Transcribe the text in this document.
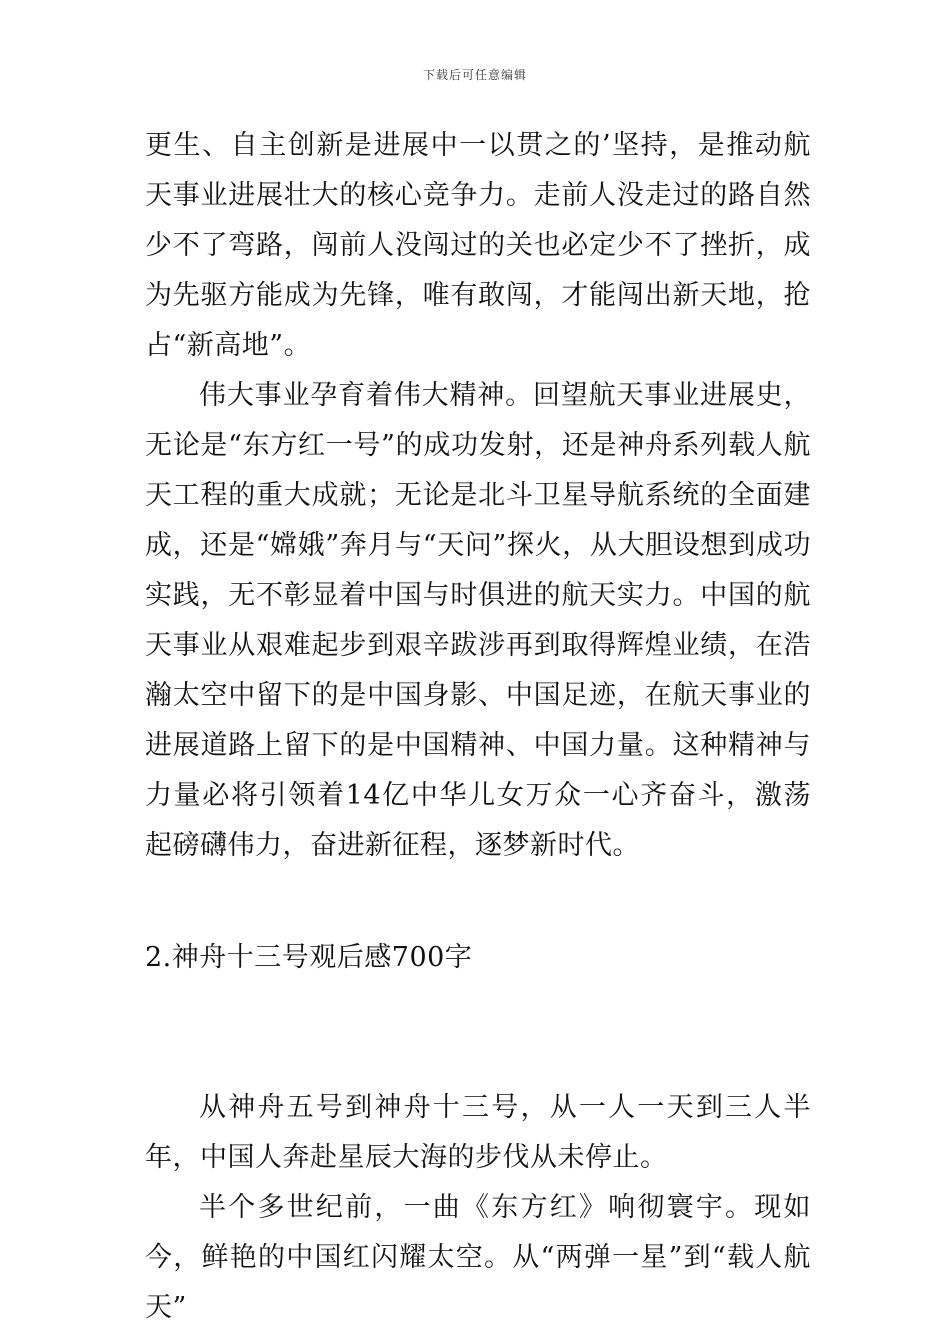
下载后可任意编辑

更生、自主创新是进展中一以贯之的’坚持，是推动航天事业进展壮大的核心竞争力。走前人没走过的路自然少不了弯路，闯前人没闯过的关也必定少不了挫折，成为先驱方能成为先锋，唯有敢闯，才能闯出新天地，抢占“新高地”。

伟大事业孕育着伟大精神。回望航天事业进展史，无论是“东方红一号”的成功发射，还是神舟系列载人航天工程的重大成就；无论是北斗卫星导航系统的全面建成，还是“嫦娥”奔月与“天问”探火，从大胆设想到成功实践，无不彰显着中国与时俱进的航天实力。中国的航天事业从艰难起步到艰辛跋涉再到取得辉煌业绩，在浩瀚太空中留下的是中国身影、中国足迹，在航天事业的进展道路上留下的是中国精神、中国力量。这种精神与力量必将引领着14亿中华儿女万众一心齐奋斗，激荡起磅礴伟力，奋进新征程，逐梦新时代。

2.神舟十三号观后感700字

从神舟五号到神舟十三号，从一人一天到三人半年，中国人奔赴星辰大海的步伐从未停止。

半个多世纪前，一曲《东方红》响彻寰宇。现如今，鲜艳的中国红闪耀太空。从“两弹一星”到“载人航天”
